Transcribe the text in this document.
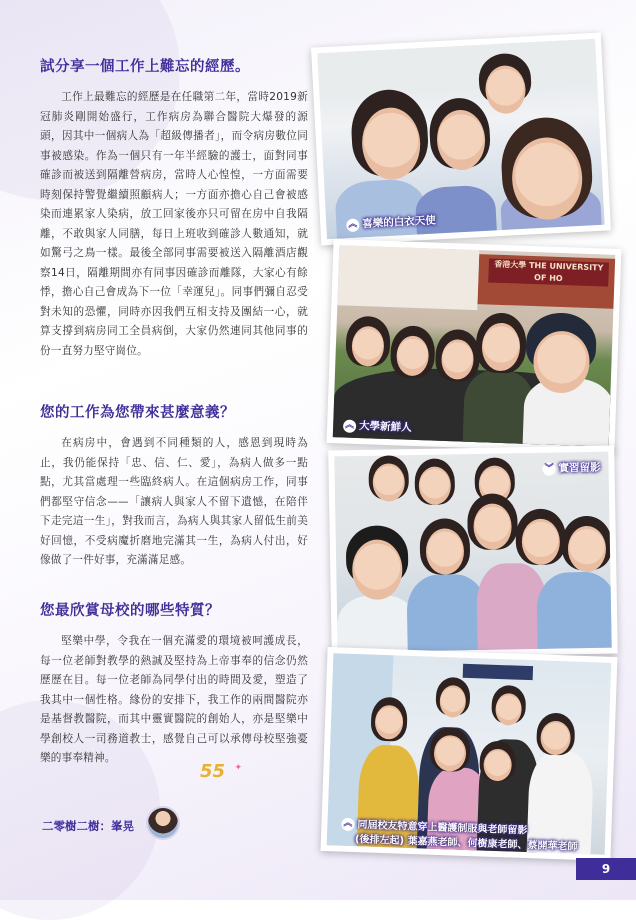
試分享一個工作上難忘的經歷。
工作上最難忘的經歷是在任職第二年，當時2019新冠肺炎剛開始盛行，工作病房為聯合醫院大爆發的源頭，因其中一個病人為「超級傳播者」，而令病房數位同事被感染。作為一個只有一年半經驗的護士，面對同事確診而被送到隔離營病房，當時人心惶惶，一方面需要時刻保持警覺繼續照顧病人；一方面亦擔心自己會被感染而連累家人染病，放工回家後亦只可留在房中自我隔離，不敢與家人同膳，每日上班收到確診人數通知，就如驚弓之鳥一樣。最後全部同事需要被送入隔離酒店觀察14日，隔離期間亦有同事因確診而離隊，大家心有餘悸，擔心自己會成為下一位「幸運兒」。同事們彌自忍受對未知的恐懼，同時亦因我們互相支持及團結一心，就算支撐到病房同工全員病倒，大家仍然連同其他同事的份一直努力堅守崗位。
您的工作為您帶來甚麼意義？
在病房中，會遇到不同種類的人，感恩到現時為止，我仍能保持「忠、信、仁、愛」，為病人做多一點點，尤其當處理一些臨終病人。在這個病房工作，同事們都堅守信念——「讓病人與家人不留下遺憾，在陪伴下走完這一生」，對我而言，為病人與其家人留低生前美好回憶，不受病魔折磨地完滿其一生，為病人付出，好像做了一件好事，充滿滿足感。
您最欣賞母校的哪些特質？
堅樂中學，令我在一個充滿愛的環境被呵護成長，每一位老師對教學的熱誠及堅持為上帝事奉的信念仍然歷歷在目。每一位老師為同學付出的時間及愛，塑造了我其中一個性格。緣份的安排下，我工作的兩間醫院亦是基督教醫院，而其中靈實醫院的創始人，亦是堅樂中學創校人一司務道教士，感覺自己可以承傳母校堅強憂樂的事奉精神。
55 ✦
二零樹二樹：峯晃
︽ 喜樂的白衣天使
香港大學 THE UNIVERSITY OF HO
︽ 大學新鮮人
︾ 實習留影
︽ 同屆校友特意穿上醫護制服與老師留影
(後排左起) 葉嘉燕老師、何樹康老師、蔡開華老師
9
